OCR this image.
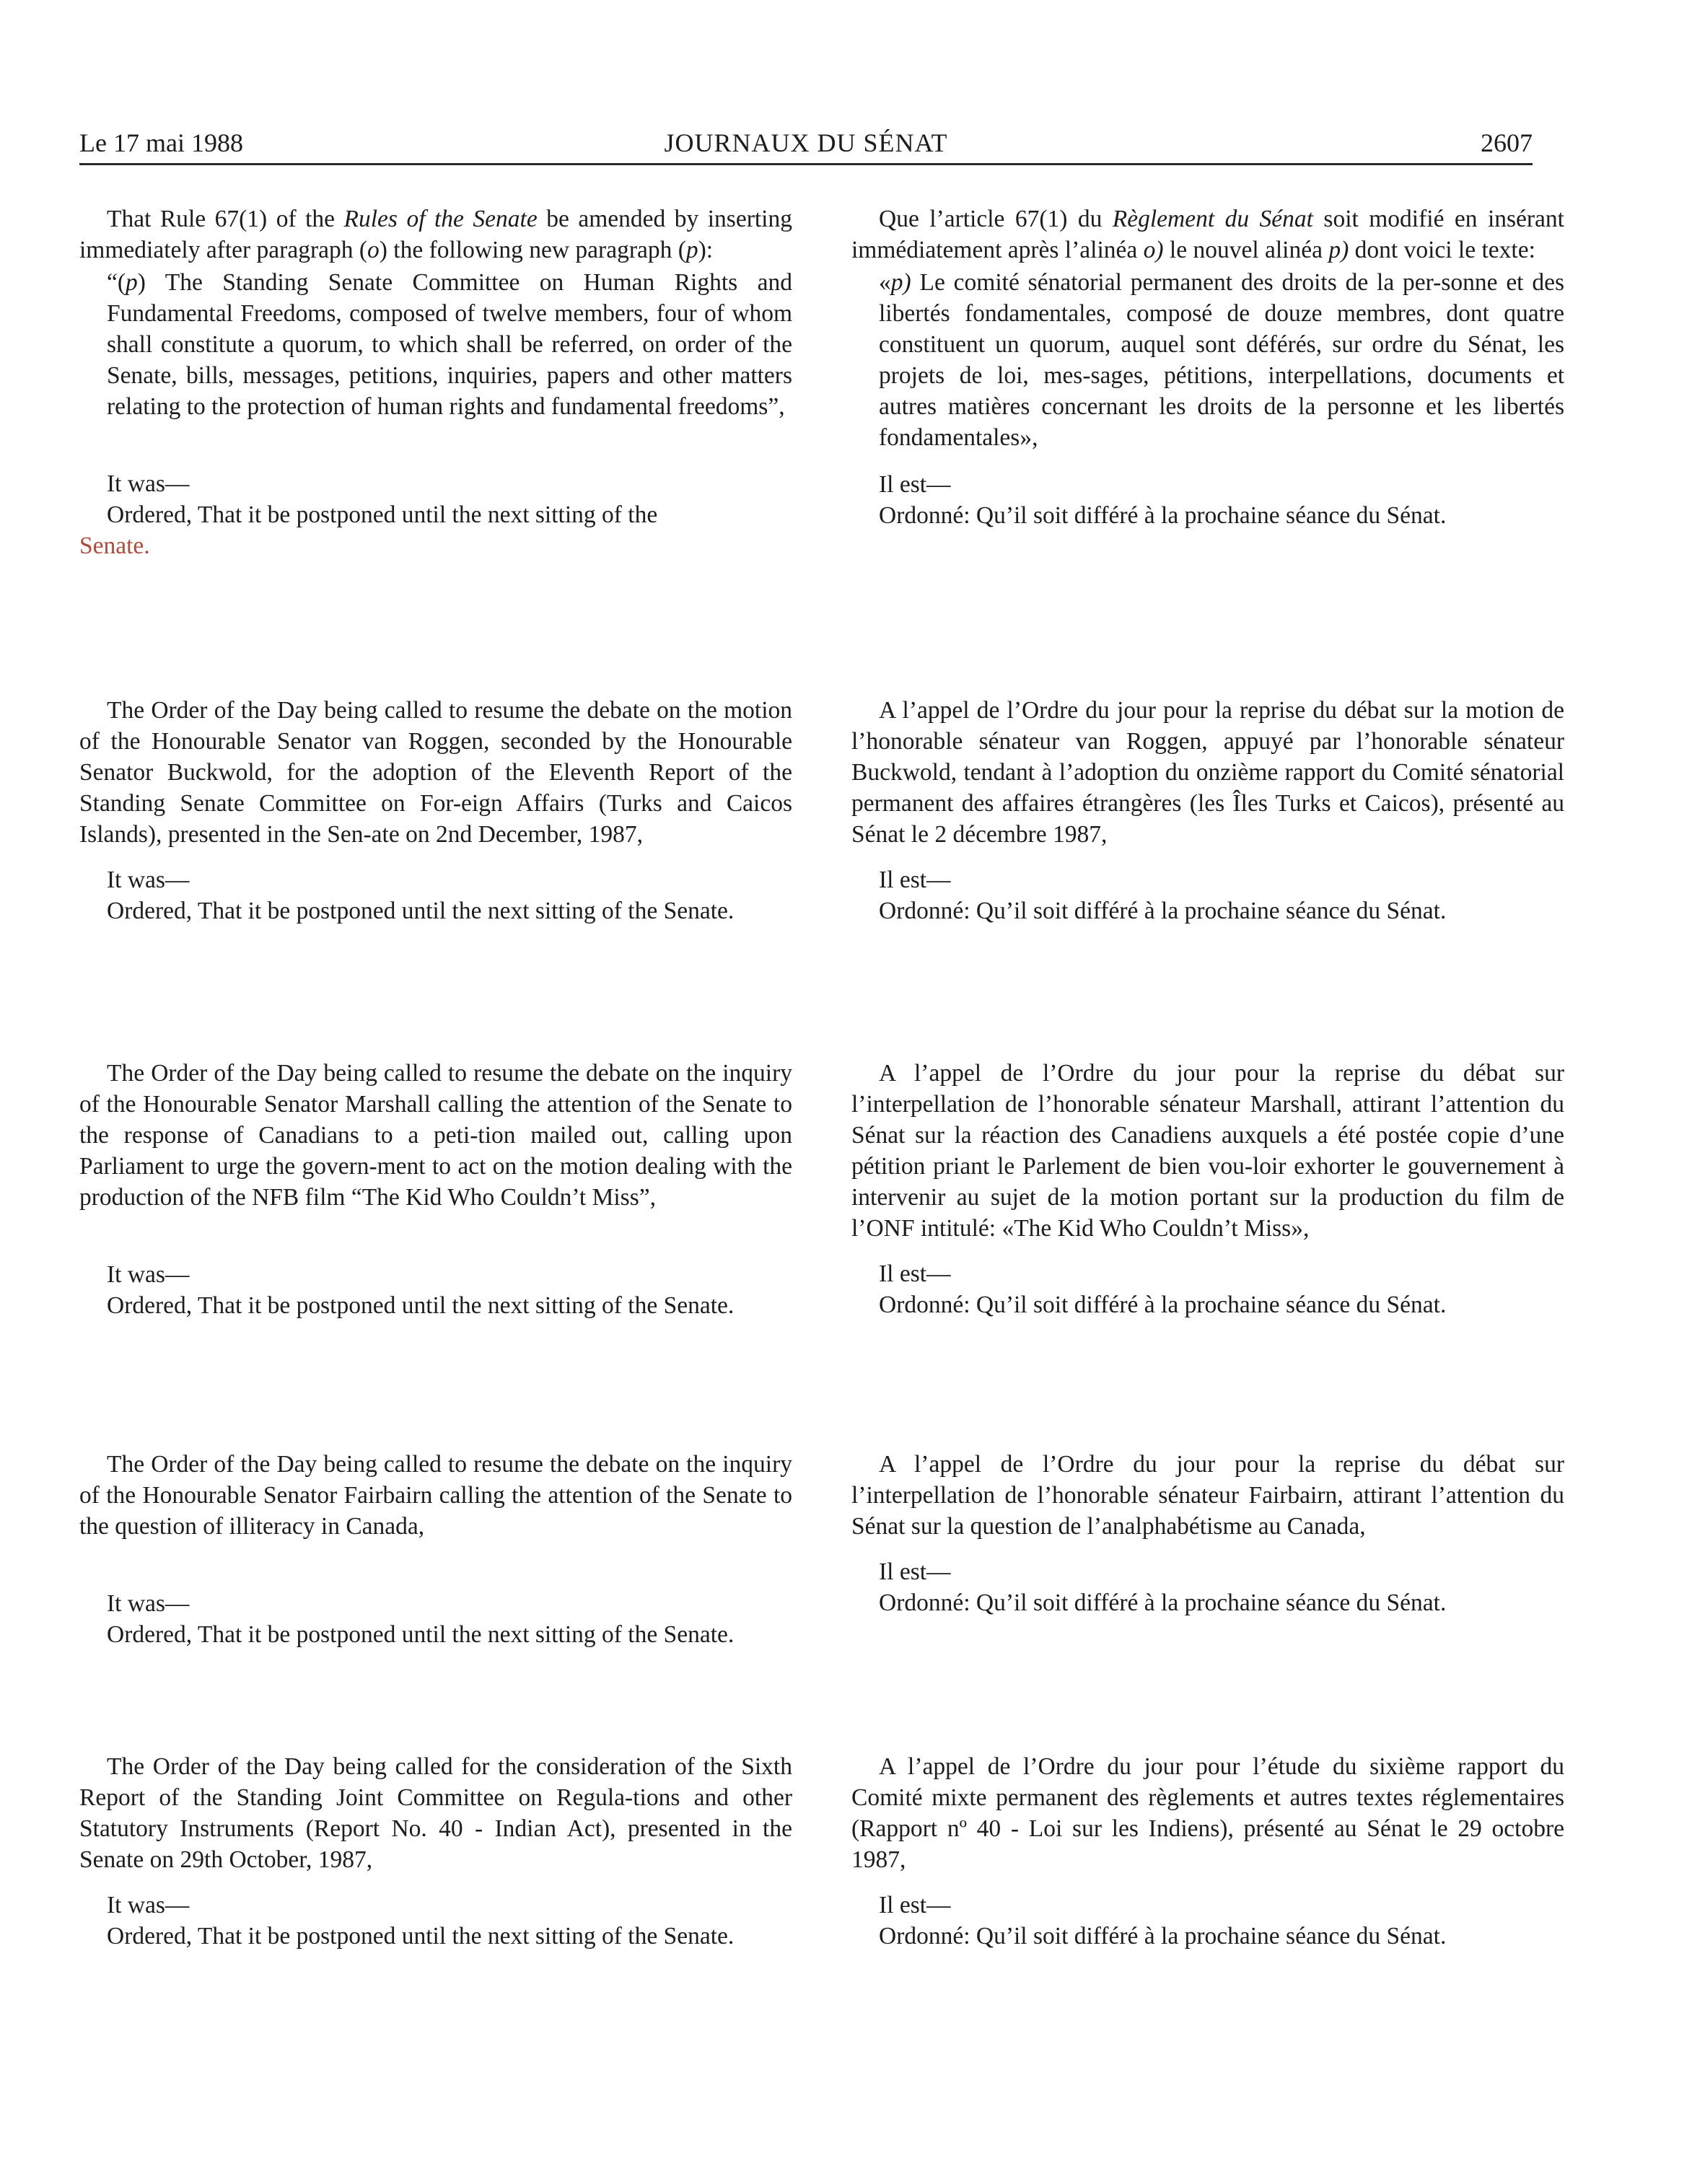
Le 17 mai 1988	JOURNAUX DU SÉNAT	2607

That Rule 67(1) of the Rules of the Senate be amended by inserting immediately after paragraph (o) the following new paragraph (p):

“(p) The Standing Senate Committee on Human Rights and Fundamental Freedoms, composed of twelve members, four of whom shall constitute a quorum, to which shall be referred, on order of the Senate, bills, messages, petitions, inquiries, papers and other matters relating to the protection of human rights and fundamental freedoms”,

It was—

Ordered, That it be postponed until the next sitting of the

Senate.

The Order of the Day being called to resume the debate on the motion of the Honourable Senator van Roggen, seconded by the Honourable Senator Buckwold, for the adoption of the Eleventh Report of the Standing Senate Committee on For-eign Affairs (Turks and Caicos Islands), presented in the Sen-ate on 2nd December, 1987,

It was—

Ordered, That it be postponed until the next sitting of the Senate.

The Order of the Day being called to resume the debate on the inquiry of the Honourable Senator Marshall calling the attention of the Senate to the response of Canadians to a peti-tion mailed out, calling upon Parliament to urge the govern-ment to act on the motion dealing with the production of the NFB film “The Kid Who Couldn’t Miss”,

It was—

Ordered, That it be postponed until the next sitting of the Senate.

The Order of the Day being called to resume the debate on the inquiry of the Honourable Senator Fairbairn calling the attention of the Senate to the question of illiteracy in Canada,

It was—

Ordered, That it be postponed until the next sitting of the Senate.

The Order of the Day being called for the consideration of the Sixth Report of the Standing Joint Committee on Regula-tions and other Statutory Instruments (Report No. 40 - Indian Act), presented in the Senate on 29th October, 1987,

It was—

Ordered, That it be postponed until the next sitting of the Senate.

Que l’article 67(1) du Règlement du Sénat soit modifié en insérant immédiatement après l’alinéa o) le nouvel alinéa p) dont voici le texte:

«p) Le comité sénatorial permanent des droits de la per-sonne et des libertés fondamentales, composé de douze membres, dont quatre constituent un quorum, auquel sont déférés, sur ordre du Sénat, les projets de loi, mes-sages, pétitions, interpellations, documents et autres matières concernant les droits de la personne et les libertés fondamentales»,

Il est—

Ordonné: Qu’il soit différé à la prochaine séance du Sénat.

A l’appel de l’Ordre du jour pour la reprise du débat sur la motion de l’honorable sénateur van Roggen, appuyé par l’honorable sénateur Buckwold, tendant à l’adoption du onzième rapport du Comité sénatorial permanent des affaires étrangères (les Îles Turks et Caicos), présenté au Sénat le 2 décembre 1987,

Il est—

Ordonné: Qu’il soit différé à la prochaine séance du Sénat.

A l’appel de l’Ordre du jour pour la reprise du débat sur l’interpellation de l’honorable sénateur Marshall, attirant l’attention du Sénat sur la réaction des Canadiens auxquels a été postée copie d’une pétition priant le Parlement de bien vou-loir exhorter le gouvernement à intervenir au sujet de la motion portant sur la production du film de l’ONF intitulé: «The Kid Who Couldn’t Miss»,

Il est—

Ordonné: Qu’il soit différé à la prochaine séance du Sénat.

A l’appel de l’Ordre du jour pour la reprise du débat sur l’interpellation de l’honorable sénateur Fairbairn, attirant l’attention du Sénat sur la question de l’analphabétisme au Canada,

Il est—

Ordonné: Qu’il soit différé à la prochaine séance du Sénat.

A l’appel de l’Ordre du jour pour l’étude du sixième rapport du Comité mixte permanent des règlements et autres textes réglementaires (Rapport nº 40 - Loi sur les Indiens), présenté au Sénat le 29 octobre 1987,

Il est—

Ordonné: Qu’il soit différé à la prochaine séance du Sénat.
